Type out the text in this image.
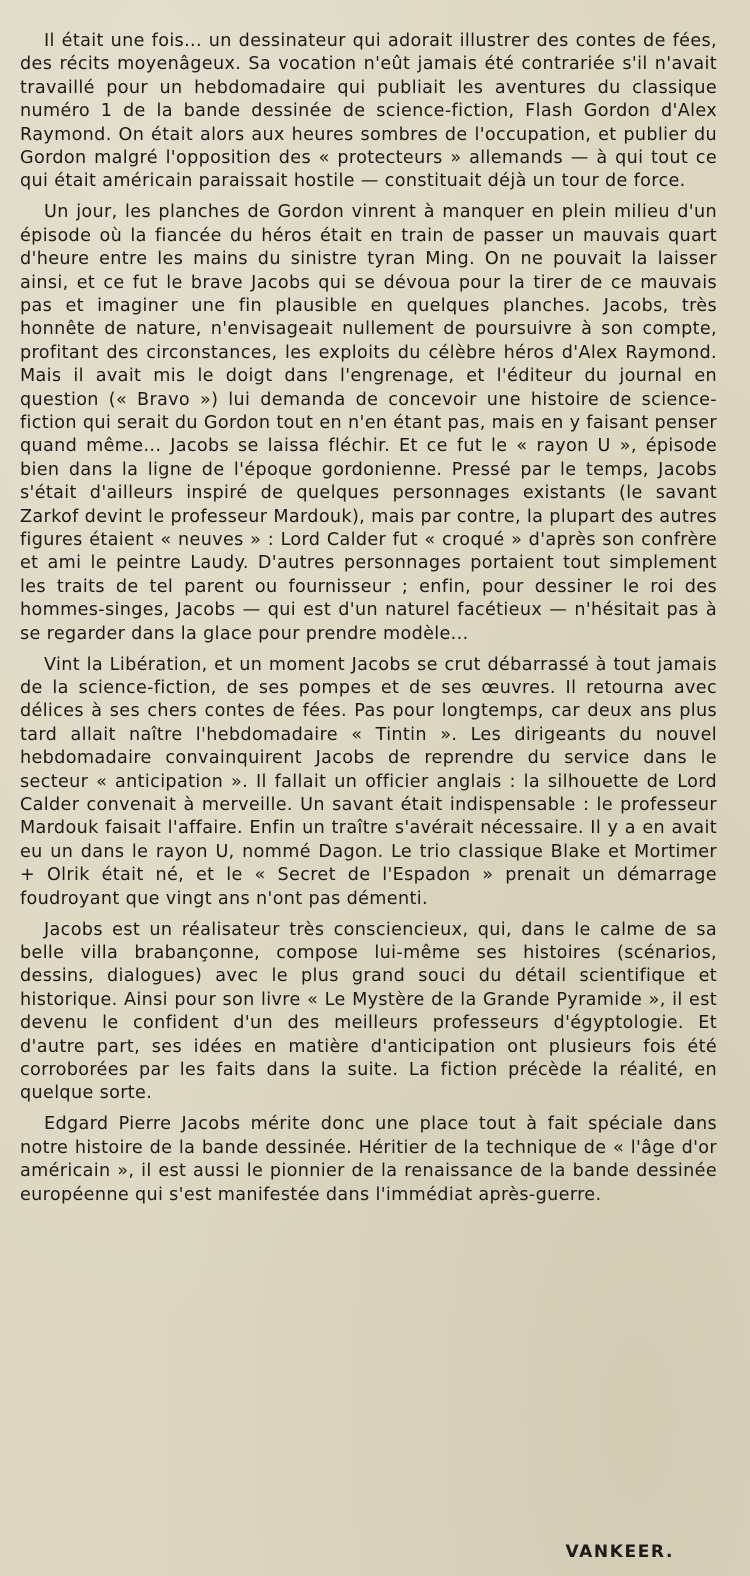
Il était une fois... un dessinateur qui adorait illustrer des contes de fées, des récits moyenâgeux. Sa vocation n'eût jamais été contrariée s'il n'avait travaillé pour un hebdomadaire qui publiait les aventures du classique numéro 1 de la bande dessinée de science-fiction, Flash Gordon d'Alex Raymond. On était alors aux heures sombres de l'occupation, et publier du Gordon malgré l'opposition des « protecteurs » allemands — à qui tout ce qui était américain paraissait hostile — constituait déjà un tour de force.

Un jour, les planches de Gordon vinrent à manquer en plein milieu d'un épisode où la fiancée du héros était en train de passer un mauvais quart d'heure entre les mains du sinistre tyran Ming. On ne pouvait la laisser ainsi, et ce fut le brave Jacobs qui se dévoua pour la tirer de ce mauvais pas et imaginer une fin plausible en quelques planches. Jacobs, très honnête de nature, n'envisageait nullement de poursuivre à son compte, profitant des circonstances, les exploits du célèbre héros d'Alex Raymond. Mais il avait mis le doigt dans l'engrenage, et l'éditeur du journal en question (« Bravo ») lui demanda de concevoir une histoire de science-fiction qui serait du Gordon tout en n'en étant pas, mais en y faisant penser quand même... Jacobs se laissa fléchir. Et ce fut le « rayon U », épisode bien dans la ligne de l'époque gordonienne. Pressé par le temps, Jacobs s'était d'ailleurs inspiré de quelques personnages existants (le savant Zarkof devint le professeur Mardouk), mais par contre, la plupart des autres figures étaient « neuves » : Lord Calder fut « croqué » d'après son confrère et ami le peintre Laudy. D'autres personnages portaient tout simplement les traits de tel parent ou fournisseur ; enfin, pour dessiner le roi des hommes-singes, Jacobs — qui est d'un naturel facétieux — n'hésitait pas à se regarder dans la glace pour prendre modèle...

Vint la Libération, et un moment Jacobs se crut débarrassé à tout jamais de la science-fiction, de ses pompes et de ses œuvres. Il retourna avec délices à ses chers contes de fées. Pas pour longtemps, car deux ans plus tard allait naître l'hebdomadaire « Tintin ». Les dirigeants du nouvel hebdomadaire convainquirent Jacobs de reprendre du service dans le secteur « anticipation ». Il fallait un officier anglais : la silhouette de Lord Calder convenait à merveille. Un savant était indispensable : le professeur Mardouk faisait l'affaire. Enfin un traître s'avérait nécessaire. Il y a en avait eu un dans le rayon U, nommé Dagon. Le trio classique Blake et Mortimer + Olrik était né, et le « Secret de l'Espadon » prenait un démarrage foudroyant que vingt ans n'ont pas démenti.

Jacobs est un réalisateur très consciencieux, qui, dans le calme de sa belle villa brabançonne, compose lui-même ses histoires (scénarios, dessins, dialogues) avec le plus grand souci du détail scientifique et historique. Ainsi pour son livre « Le Mystère de la Grande Pyramide », il est devenu le confident d'un des meilleurs professeurs d'égyptologie. Et d'autre part, ses idées en matière d'anticipation ont plusieurs fois été corroborées par les faits dans la suite. La fiction précède la réalité, en quelque sorte.

Edgard Pierre Jacobs mérite donc une place tout à fait spéciale dans notre histoire de la bande dessinée. Héritier de la technique de « l'âge d'or américain », il est aussi le pionnier de la renaissance de la bande dessinée européenne qui s'est manifestée dans l'immédiat après-guerre.

VANKEER.
